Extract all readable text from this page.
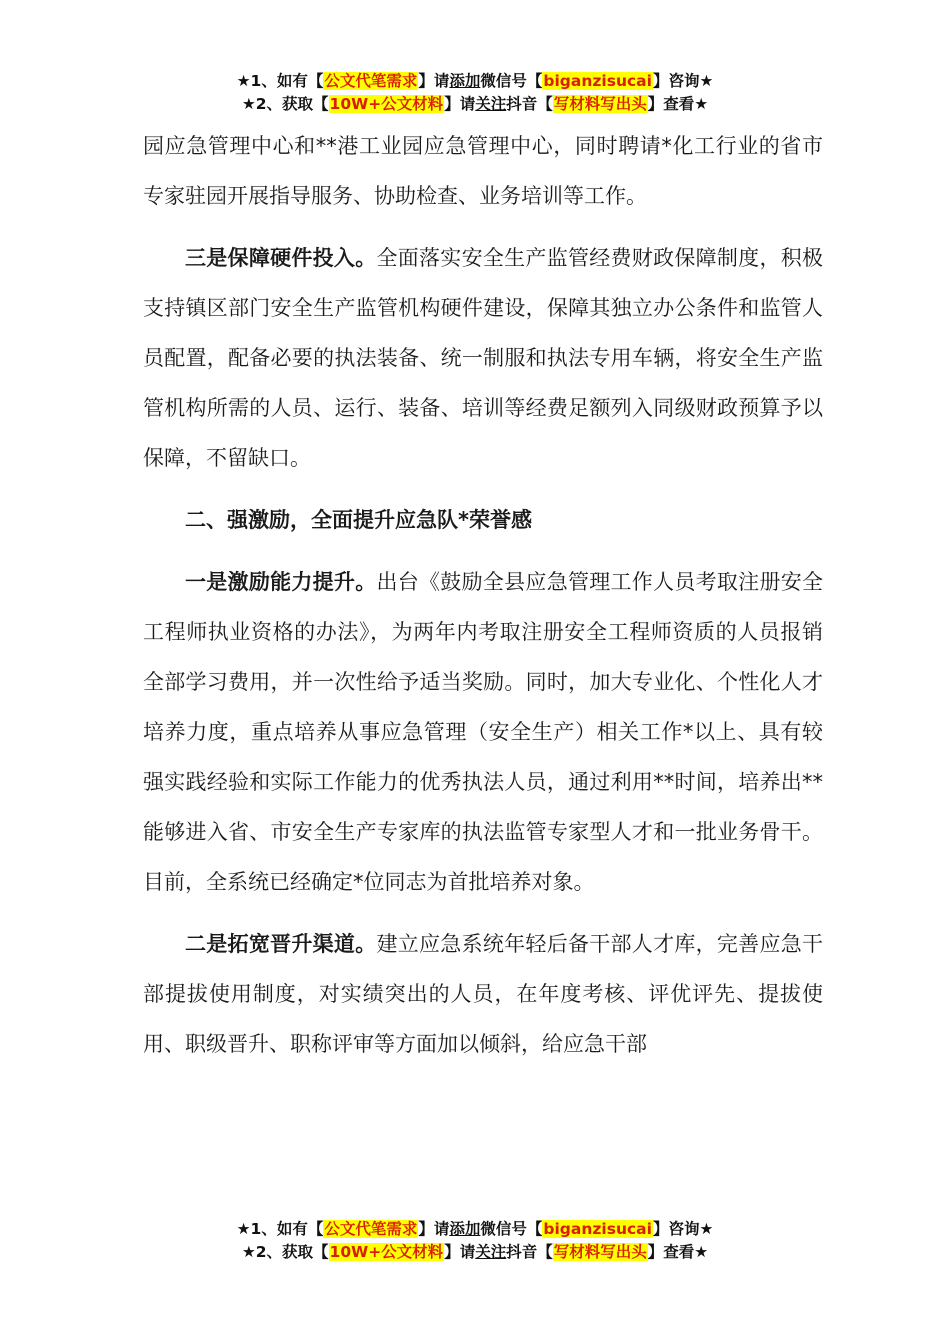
★1、如有【公文代笔需求】请添加微信号【biganzisucai】咨询★
★2、获取【10W+公文材料】请关注抖音【写材料写出头】查看★

园应急管理中心和**港工业园应急管理中心，同时聘请*化工行业的省市专家驻园开展指导服务、协助检查、业务培训等工作。

三是保障硬件投入。全面落实安全生产监管经费财政保障制度，积极支持镇区部门安全生产监管机构硬件建设，保障其独立办公条件和监管人员配置，配备必要的执法装备、统一制服和执法专用车辆，将安全生产监管机构所需的人员、运行、装备、培训等经费足额列入同级财政预算予以保障，不留缺口。

二、强激励，全面提升应急队*荣誉感

一是激励能力提升。出台《鼓励全县应急管理工作人员考取注册安全工程师执业资格的办法》，为两年内考取注册安全工程师资质的人员报销全部学习费用，并一次性给予适当奖励。同时，加大专业化、个性化人才培养力度，重点培养从事应急管理（安全生产）相关工作*以上、具有较强实践经验和实际工作能力的优秀执法人员，通过利用**时间，培养出**能够进入省、市安全生产专家库的执法监管专家型人才和一批业务骨干。目前，全系统已经确定*位同志为首批培养对象。

二是拓宽晋升渠道。建立应急系统年轻后备干部人才库，完善应急干部提拔使用制度，对实绩突出的人员，在年度考核、评优评先、提拔使用、职级晋升、职称评审等方面加以倾斜，给应急干部

★1、如有【公文代笔需求】请添加微信号【biganzisucai】咨询★
★2、获取【10W+公文材料】请关注抖音【写材料写出头】查看★
